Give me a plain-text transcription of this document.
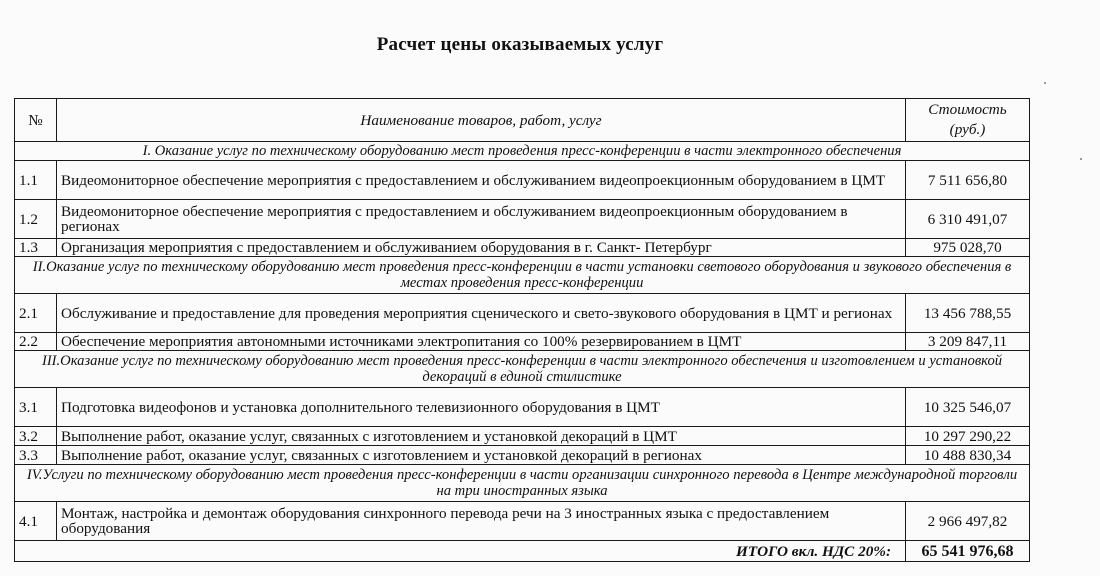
Расчет цены оказываемых услуг
№	Наименование товаров, работ, услуг	Стоимость
(руб.)
I. Оказание услуг по техническому оборудованию мест проведения пресс-конференции в части электронного обеспечения		
1.1	Видеомониторное обеспечение мероприятия с предоставлением и обслуживанием видеопроекционным оборудованием в ЦМТ	7 511 656,80
1.2	Видеомониторное обеспечение мероприятия с предоставлением и обслуживанием видеопроекционным оборудованием в регионах	6 310 491,07
1.3	Организация мероприятия с предоставлением и обслуживанием оборудования в г. Санкт- Петербург	975 028,70
II.Оказание услуг по техническому оборудованию мест проведения пресс-конференции в части установки светового оборудования и звукового обеспечения в местах проведения пресс-конференции		
2.1	Обслуживание и предоставление для проведения мероприятия сценического и свето-звукового оборудования в ЦМТ и регионах	13 456 788,55
2.2	Обеспечение мероприятия автономными источниками электропитания со 100% резервированием в ЦМТ	3 209 847,11
III.Оказание услуг по техническому оборудованию мест проведения пресс-конференции в части электронного обеспечения и изготовлением и установкой декораций в единой стилистике		
3.1	Подготовка видеофонов и установка дополнительного телевизионного оборудования в ЦМТ	10 325 546,07
3.2	Выполнение работ, оказание услуг, связанных с изготовлением и установкой декораций в ЦМТ	10 297 290,22
3.3	Выполнение работ, оказание услуг, связанных с изготовлением и установкой декораций в регионах	10 488 830,34
IV.Услуги по техническому оборудованию мест проведения пресс-конференции в части организации синхронного перевода в Центре международной торговли на три иностранных языка		
4.1	Монтаж, настройка и демонтаж оборудования синхронного перевода речи на 3 иностранных языка с предоставлением оборудования	2 966 497,82
ИТОГО вкл. НДС 20%:		65 541 976,68
